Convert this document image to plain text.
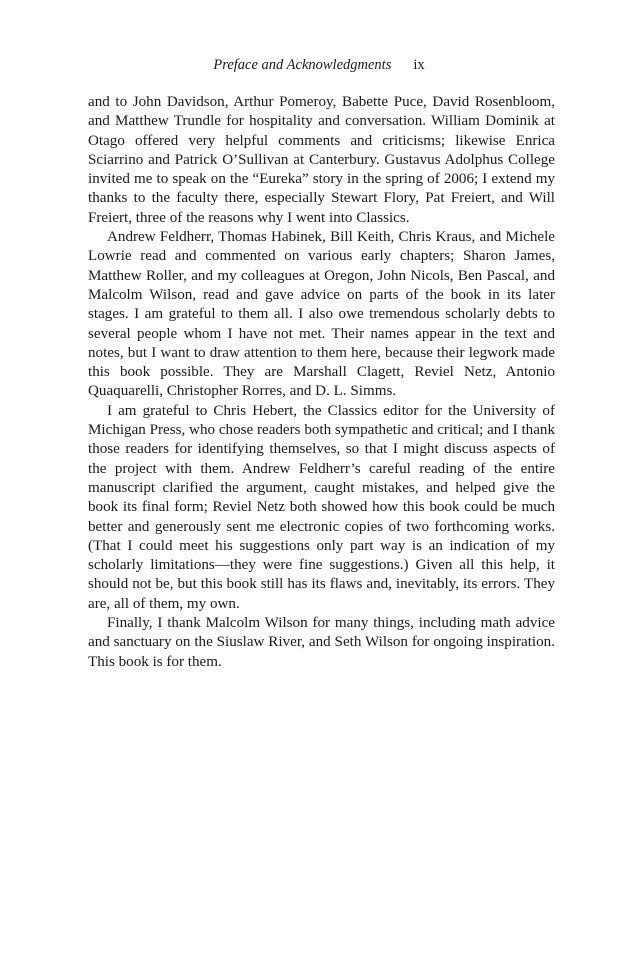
Preface and Acknowledgments ix

and to John Davidson, Arthur Pomeroy, Babette Puce, David Rosenbloom, and Matthew Trundle for hospitality and conversation. William Dominik at Otago offered very helpful comments and criticisms; likewise Enrica Sciarrino and Patrick O’Sullivan at Canterbury. Gustavus Adolphus College invited me to speak on the “Eureka” story in the spring of 2006; I extend my thanks to the faculty there, especially Stewart Flory, Pat Freiert, and Will Freiert, three of the reasons why I went into Classics.

Andrew Feldherr, Thomas Habinek, Bill Keith, Chris Kraus, and Michele Lowrie read and commented on various early chapters; Sharon James, Matthew Roller, and my colleagues at Oregon, John Nicols, Ben Pascal, and Malcolm Wilson, read and gave advice on parts of the book in its later stages. I am grateful to them all. I also owe tremendous scholarly debts to several people whom I have not met. Their names appear in the text and notes, but I want to draw attention to them here, because their legwork made this book possible. They are Marshall Clagett, Reviel Netz, Antonio Quaquarelli, Christopher Rorres, and D. L. Simms.

I am grateful to Chris Hebert, the Classics editor for the University of Michigan Press, who chose readers both sympathetic and critical; and I thank those readers for identifying themselves, so that I might discuss aspects of the project with them. Andrew Feldherr’s careful reading of the entire manuscript clarified the argument, caught mistakes, and helped give the book its final form; Reviel Netz both showed how this book could be much better and generously sent me electronic copies of two forthcoming works. (That I could meet his suggestions only part way is an indication of my scholarly limitations—they were fine suggestions.) Given all this help, it should not be, but this book still has its flaws and, inevitably, its errors. They are, all of them, my own.

Finally, I thank Malcolm Wilson for many things, including math advice and sanctuary on the Siuslaw River, and Seth Wilson for ongoing inspiration. This book is for them.
